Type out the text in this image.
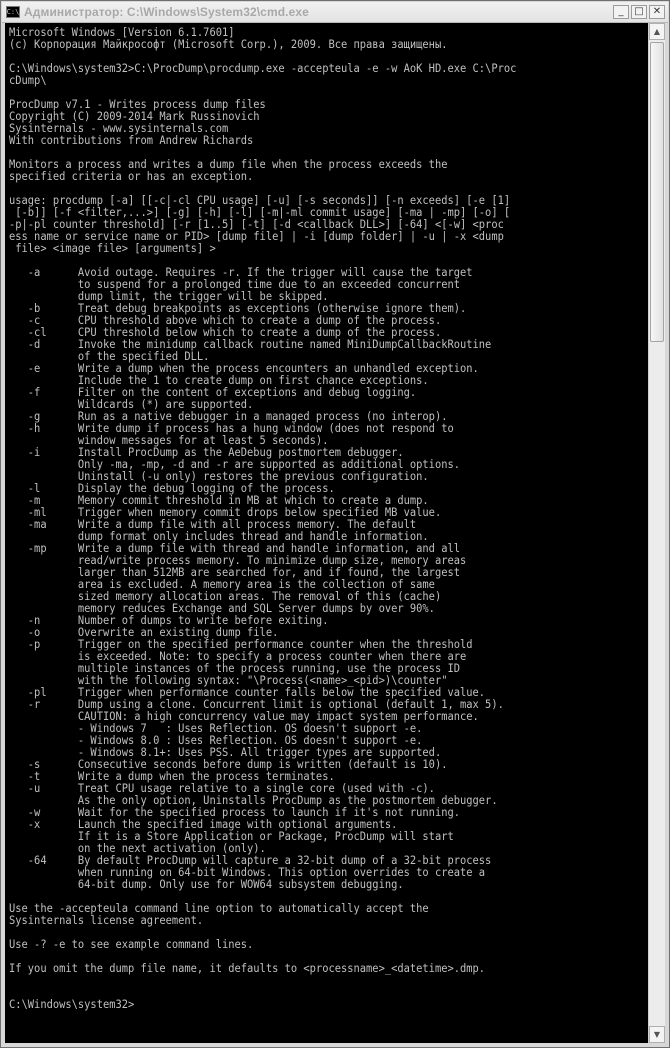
C:\ Администратор: C:\Windows\System32\cmd.exe	_ □ ✕
Microsoft Windows [Version 6.1.7601]
(c) Корпорация Майкрософт (Microsoft Corp.), 2009. Все права защищены.
C:\Windows\system32>C:\ProcDump\procdump.exe -accepteula -e -w AoK HD.exe C:\Proc
cDump\
ProcDump v7.1 - Writes process dump files
Copyright (C) 2009-2014 Mark Russinovich
Sysinternals - www.sysinternals.com
With contributions from Andrew Richards
Monitors a process and writes a dump file when the process exceeds the
specified criteria or has an exception.
usage: procdump [-a] [[-c|-cl CPU usage] [-u] [-s seconds]] [-n exceeds] [-e [1]
[-b]] [-f <filter,...>] [-g] [-h] [-l] [-m|-ml commit usage] [-ma | -mp] [-o] [
-p|-pl counter threshold] [-r [1..5] [-t] [-d <callback DLL>] [-64] <[-w] <proc
ess name or service name or PID> [dump file] | -i [dump folder] | -u | -x <dump
file> <image file> [arguments] >
-a      Avoid outage. Requires -r. If the trigger will cause the target
to suspend for a prolonged time due to an exceeded concurrent
dump limit, the trigger will be skipped.
-b      Treat debug breakpoints as exceptions (otherwise ignore them).
-c      CPU threshold above which to create a dump of the process.
-cl     CPU threshold below which to create a dump of the process.
-d      Invoke the minidump callback routine named MiniDumpCallbackRoutine
of the specified DLL.
-e      Write a dump when the process encounters an unhandled exception.
Include the 1 to create dump on first chance exceptions.
-f      Filter on the content of exceptions and debug logging.
Wildcards (*) are supported.
-g      Run as a native debugger in a managed process (no interop).
-h      Write dump if process has a hung window (does not respond to
window messages for at least 5 seconds).
-i      Install ProcDump as the AeDebug postmortem debugger.
Only -ma, -mp, -d and -r are supported as additional options.
Uninstall (-u only) restores the previous configuration.
-l      Display the debug logging of the process.
-m      Memory commit threshold in MB at which to create a dump.
-ml     Trigger when memory commit drops below specified MB value.
-ma     Write a dump file with all process memory. The default
dump format only includes thread and handle information.
-mp     Write a dump file with thread and handle information, and all
read/write process memory. To minimize dump size, memory areas
larger than 512MB are searched for, and if found, the largest
area is excluded. A memory area is the collection of same
sized memory allocation areas. The removal of this (cache)
memory reduces Exchange and SQL Server dumps by over 90%.
-n      Number of dumps to write before exiting.
-o      Overwrite an existing dump file.
-p      Trigger on the specified performance counter when the threshold
is exceeded. Note: to specify a process counter when there are
multiple instances of the process running, use the process ID
with the following syntax: "\Process(<name>_<pid>)\counter"
-pl     Trigger when performance counter falls below the specified value.
-r      Dump using a clone. Concurrent limit is optional (default 1, max 5).
CAUTION: a high concurrency value may impact system performance.
- Windows 7   : Uses Reflection. OS doesn't support -e.
- Windows 8.0 : Uses Reflection. OS doesn't support -e.
- Windows 8.1+: Uses PSS. All trigger types are supported.
-s      Consecutive seconds before dump is written (default is 10).
-t      Write a dump when the process terminates.
-u      Treat CPU usage relative to a single core (used with -c).
As the only option, Uninstalls ProcDump as the postmortem debugger.
-w      Wait for the specified process to launch if it's not running.
-x      Launch the specified image with optional arguments.
If it is a Store Application or Package, ProcDump will start
on the next activation (only).
-64     By default ProcDump will capture a 32-bit dump of a 32-bit process
when running on 64-bit Windows. This option overrides to create a
64-bit dump. Only use for WOW64 subsystem debugging.
Use the -accepteula command line option to automatically accept the
Sysinternals license agreement.
Use -? -e to see example command lines.
If you omit the dump file name, it defaults to <processname>_<datetime>.dmp.
C:\Windows\system32>
▲
▼
